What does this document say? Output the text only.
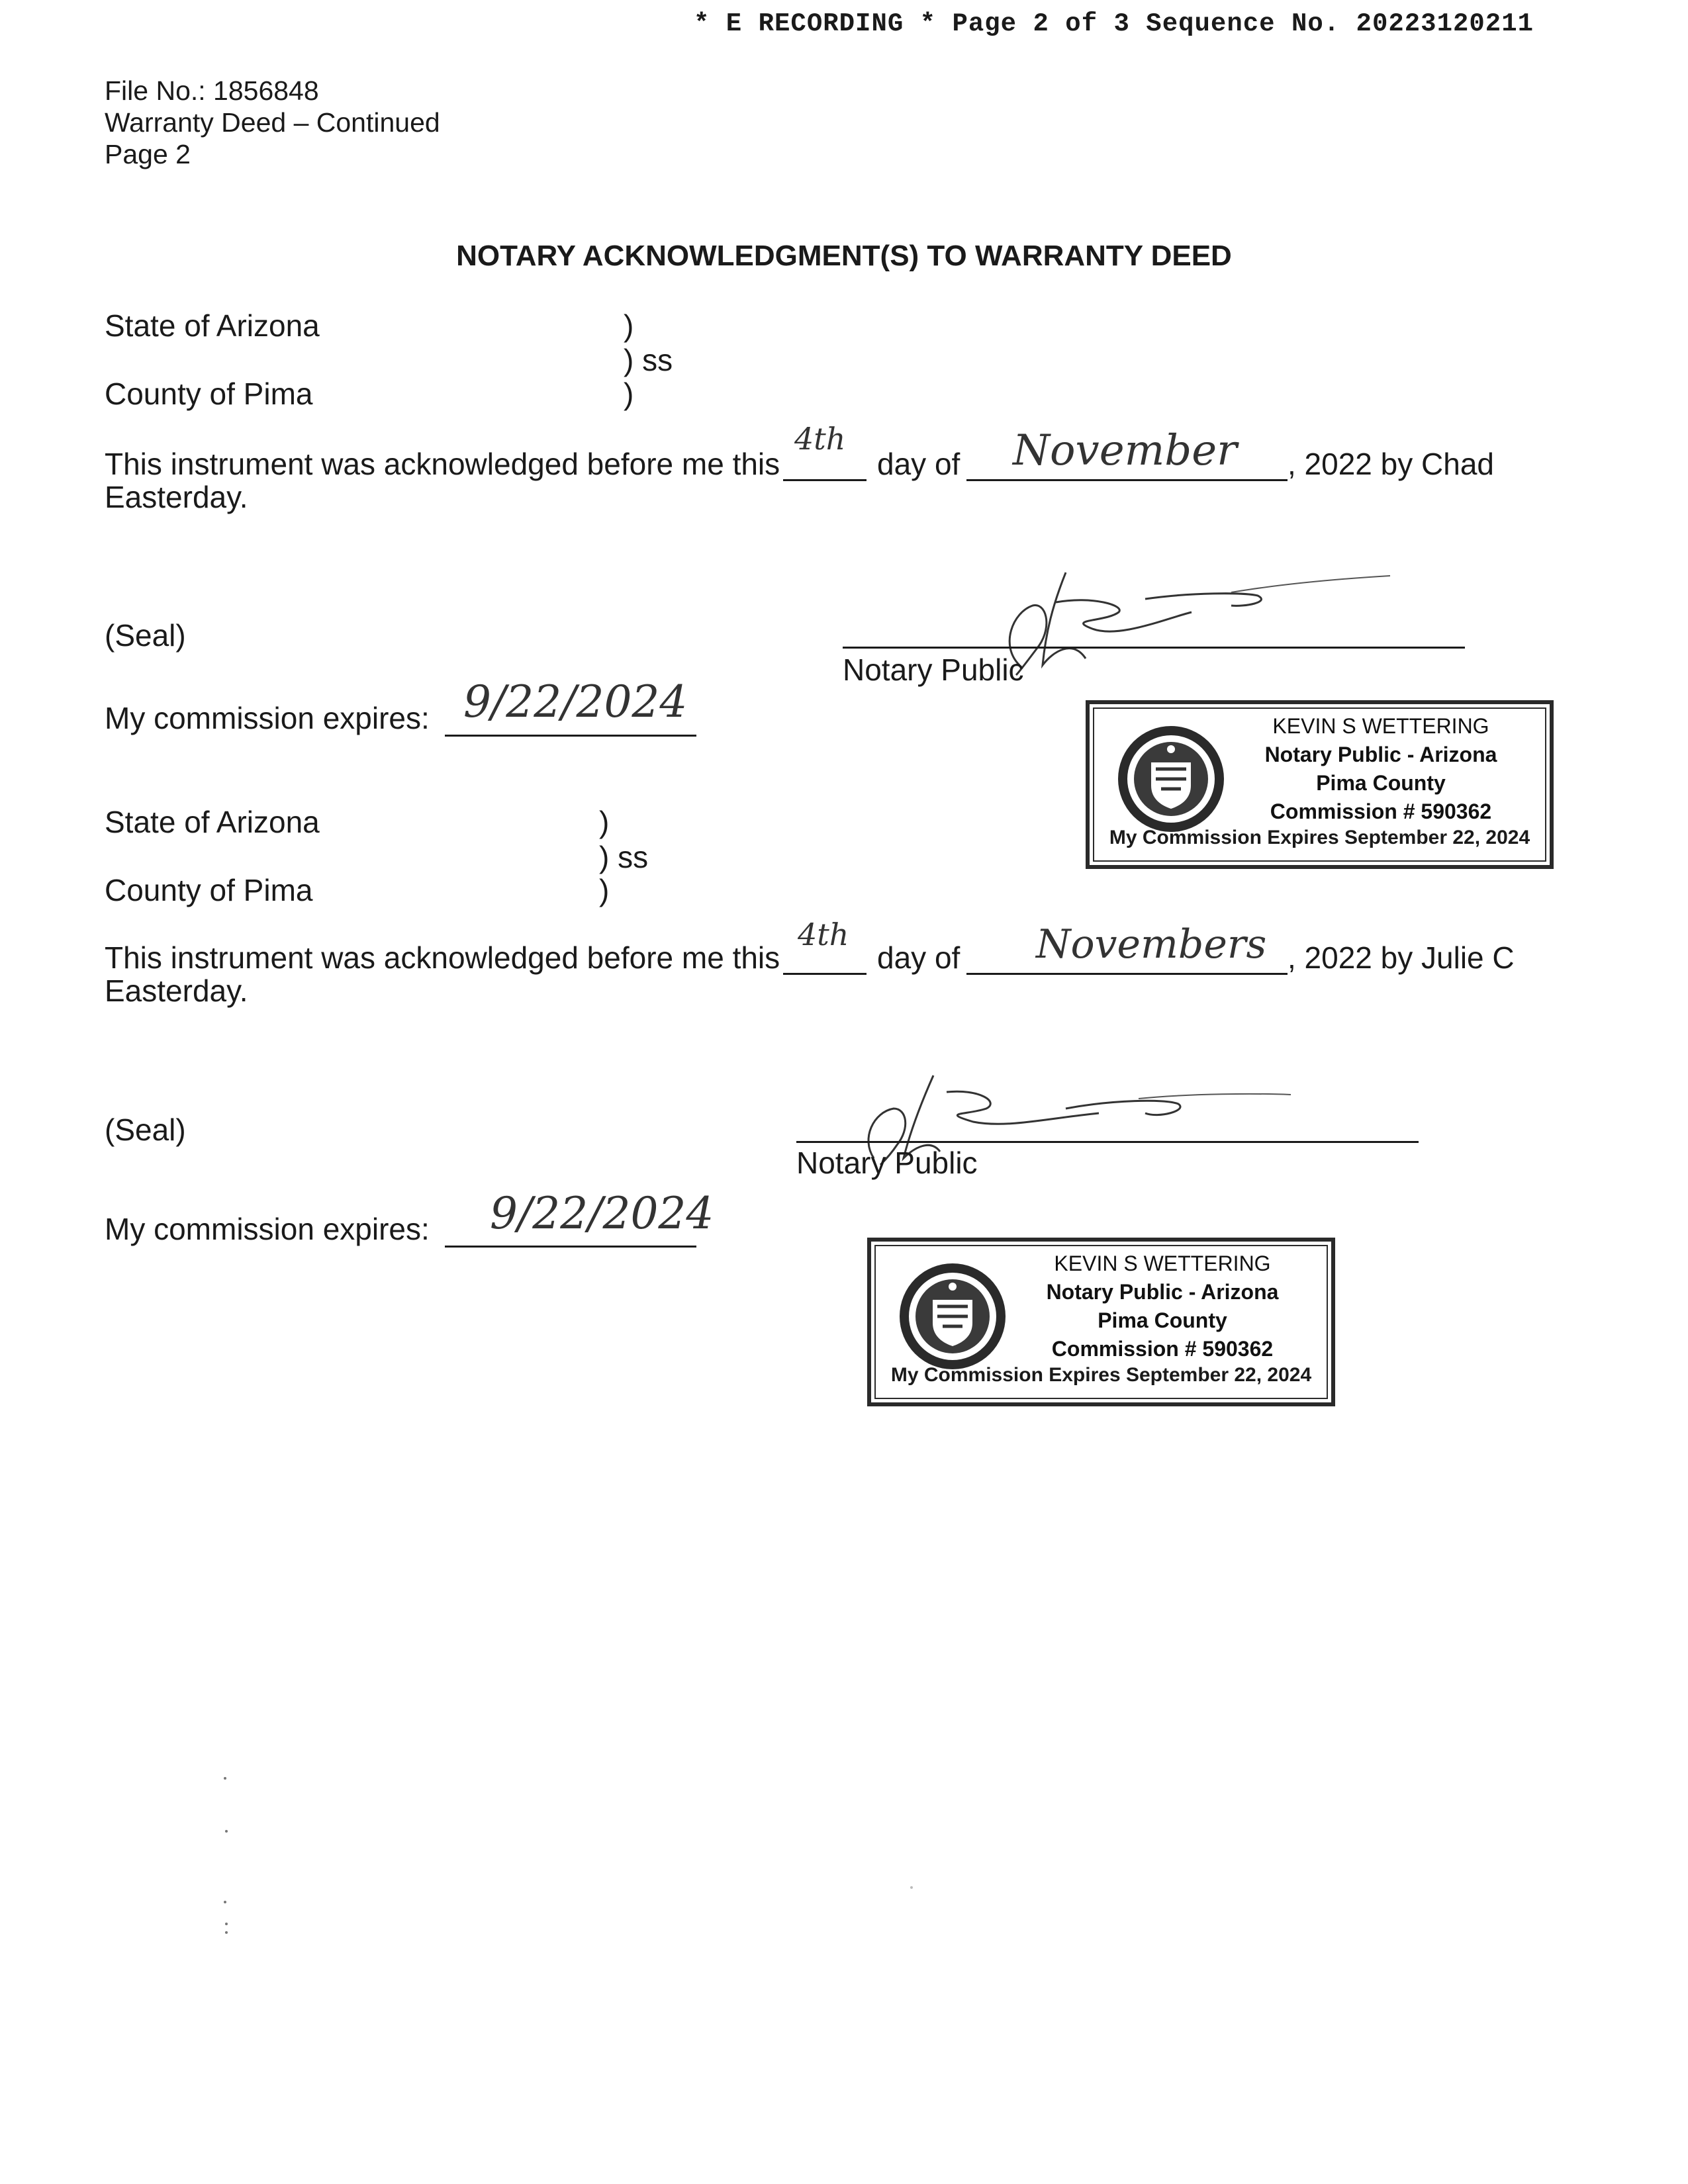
* E RECORDING * Page 2 of 3 Sequence No. 20223120211
File No.: 1856848
Warranty Deed – Continued
Page 2
NOTARY ACKNOWLEDGMENT(S) TO WARRANTY DEED
State of Arizona	)
) ss
County of Pima	)
This instrument was acknowledged before me this
4th
day of November , 2022 by Chad
Easterday.
(Seal)
Notary Public
My commission expires: 9/22/2024	KEVIN S WETTERING
Notary Public - Arizona
Pima County
Commission # 590362
My Commission Expires September 22, 2024
State of Arizona	)
) ss
County of Pima	)
This instrument was acknowledged before me this
4th
day of Novembers , 2022 by Julie C
Easterday.
(Seal)
Notary Public
My commission expires: 9/22/2024
KEVIN S WETTERING
Notary Public - Arizona
Pima County
Commission # 590362
My Commission Expires September 22, 2024
